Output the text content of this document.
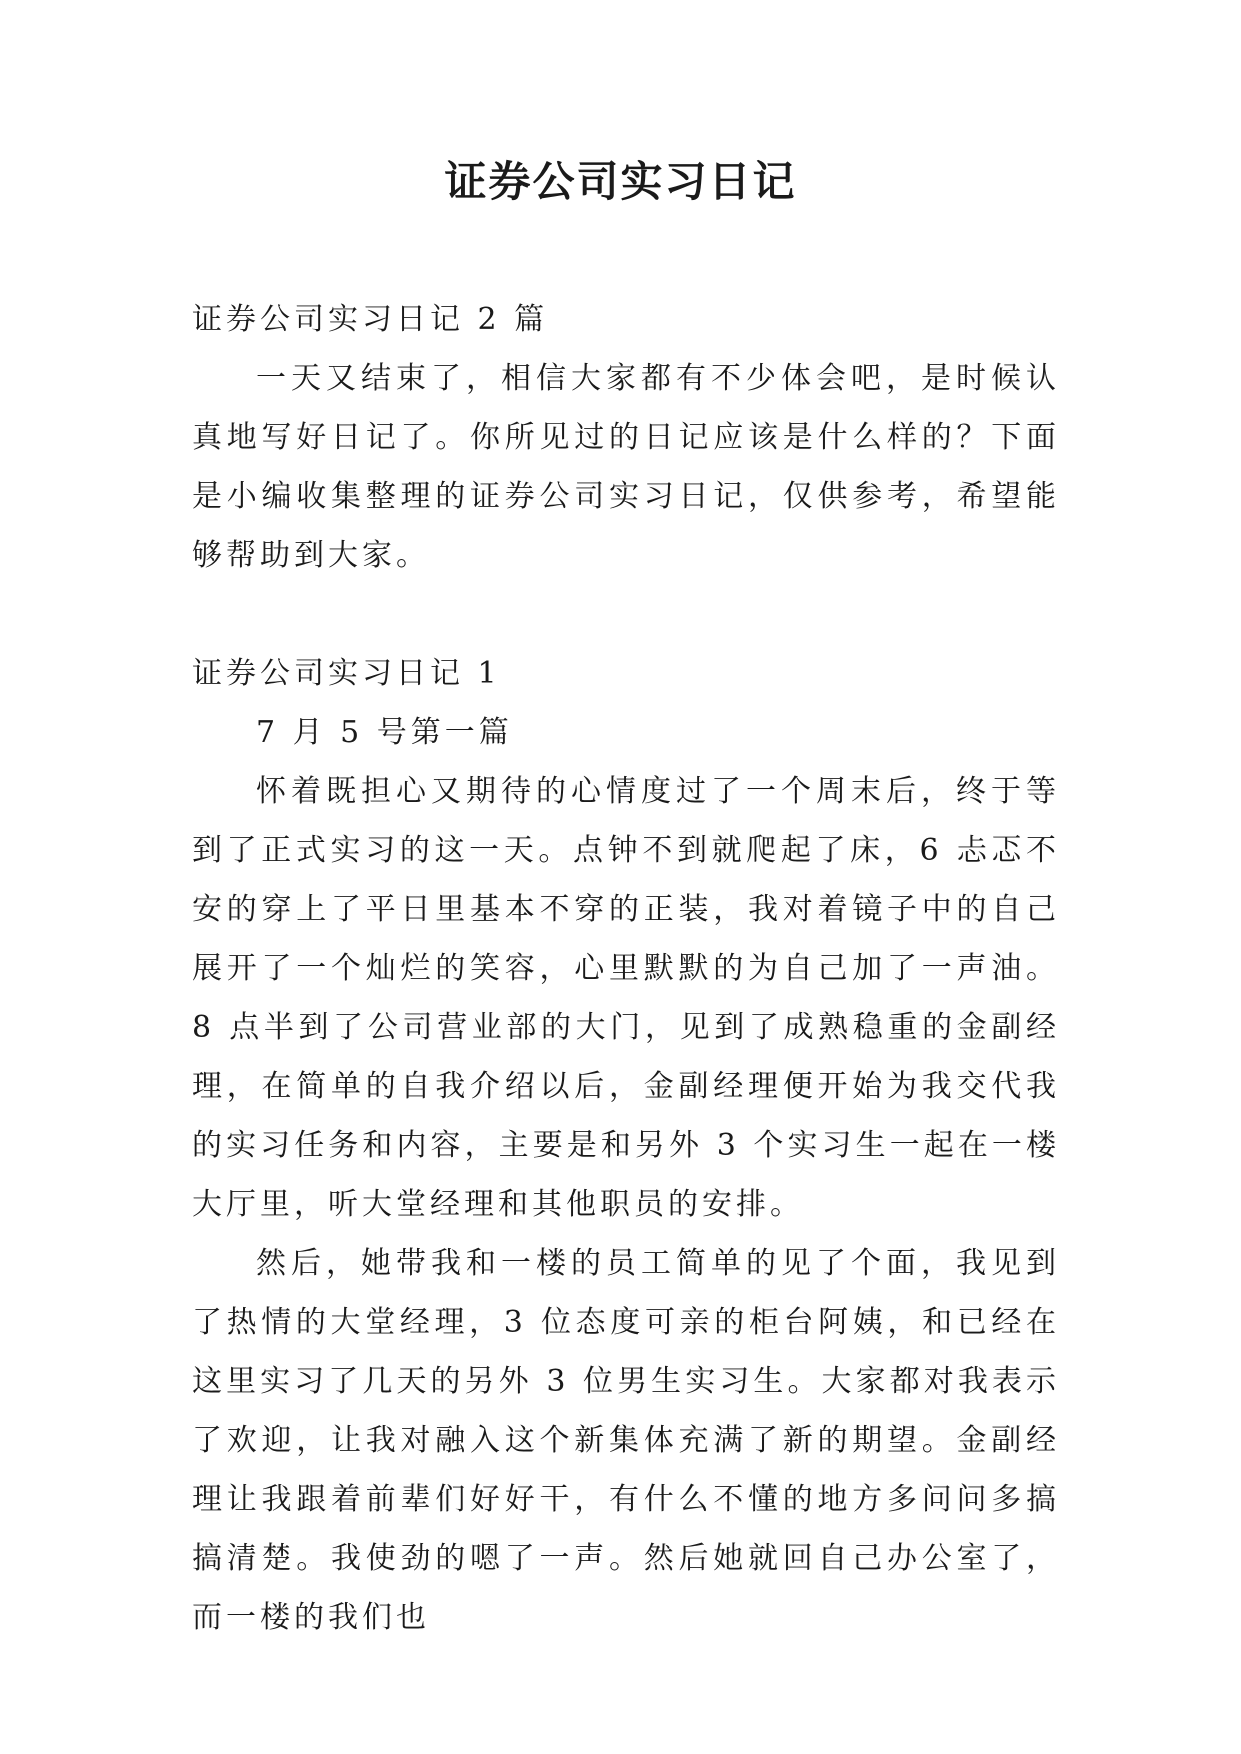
证券公司实习日记

证券公司实习日记 2 篇

一天又结束了，相信大家都有不少体会吧，是时候认真地写好日记了。你所见过的日记应该是什么样的？下面是小编收集整理的证券公司实习日记，仅供参考，希望能够帮助到大家。

证券公司实习日记 1

7 月 5 号第一篇

怀着既担心又期待的心情度过了一个周末后，终于等到了正式实习的这一天。点钟不到就爬起了床，6 忐忑不安的穿上了平日里基本不穿的正装，我对着镜子中的自己展开了一个灿烂的笑容，心里默默的为自己加了一声油。8 点半到了公司营业部的大门，见到了成熟稳重的金副经理，在简单的自我介绍以后，金副经理便开始为我交代我的实习任务和内容，主要是和另外 3 个实习生一起在一楼大厅里，听大堂经理和其他职员的安排。

然后，她带我和一楼的员工简单的见了个面，我见到了热情的大堂经理，3 位态度可亲的柜台阿姨，和已经在这里实习了几天的另外 3 位男生实习生。大家都对我表示了欢迎，让我对融入这个新集体充满了新的期望。金副经理让我跟着前辈们好好干，有什么不懂的地方多问问多搞搞清楚。我使劲的嗯了一声。然后她就回自己办公室了，而一楼的我们也
